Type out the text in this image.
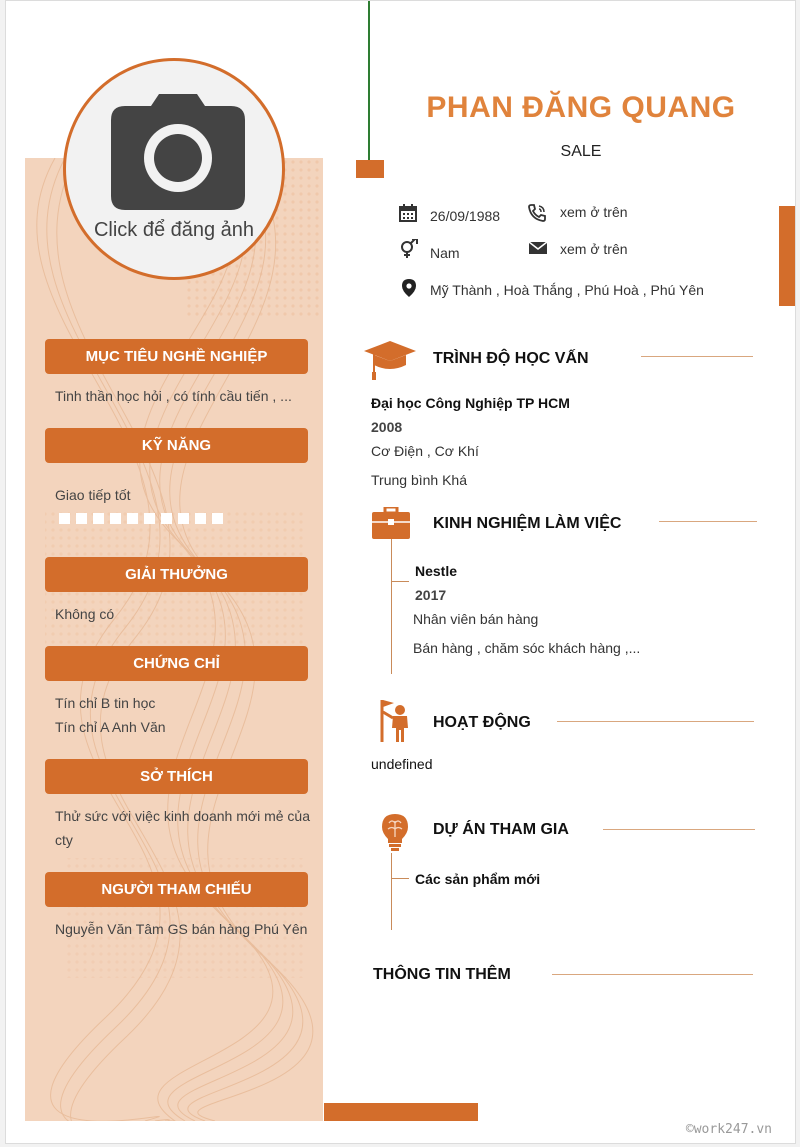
Click để đăng ảnh
MỤC TIÊU NGHỀ NGHIỆP
Tinh thần học hỏi , có tính cầu tiến , ...
KỸ NĂNG
Giao tiếp tốt
GIẢI THƯỞNG
Không có
CHỨNG CHỈ
Tín chỉ B tin học
Tín chỉ A Anh Văn
SỞ THÍCH
Thử sức với việc kinh doanh mới mẻ của
cty
NGƯỜI THAM CHIẾU
Nguyễn Văn Tâm GS bán hàng Phú Yên
PHAN ĐĂNG QUANG
SALE
26/09/1988	xem ở trên
Nam	xem ở trên
Mỹ Thành , Hoà Thắng , Phú Hoà , Phú Yên
TRÌNH ĐỘ HỌC VẤN
Đại học Công Nghiệp TP HCM
2008
Cơ Điện , Cơ Khí
Trung bình Khá
KINH NGHIỆM LÀM VIỆC
Nestle
2017
Nhân viên bán hàng
Bán hàng , chăm sóc khách hàng ,...
HOẠT ĐỘNG
undefined
DỰ ÁN THAM GIA
Các sản phẩm mới
THÔNG TIN THÊM
©work247.vn
